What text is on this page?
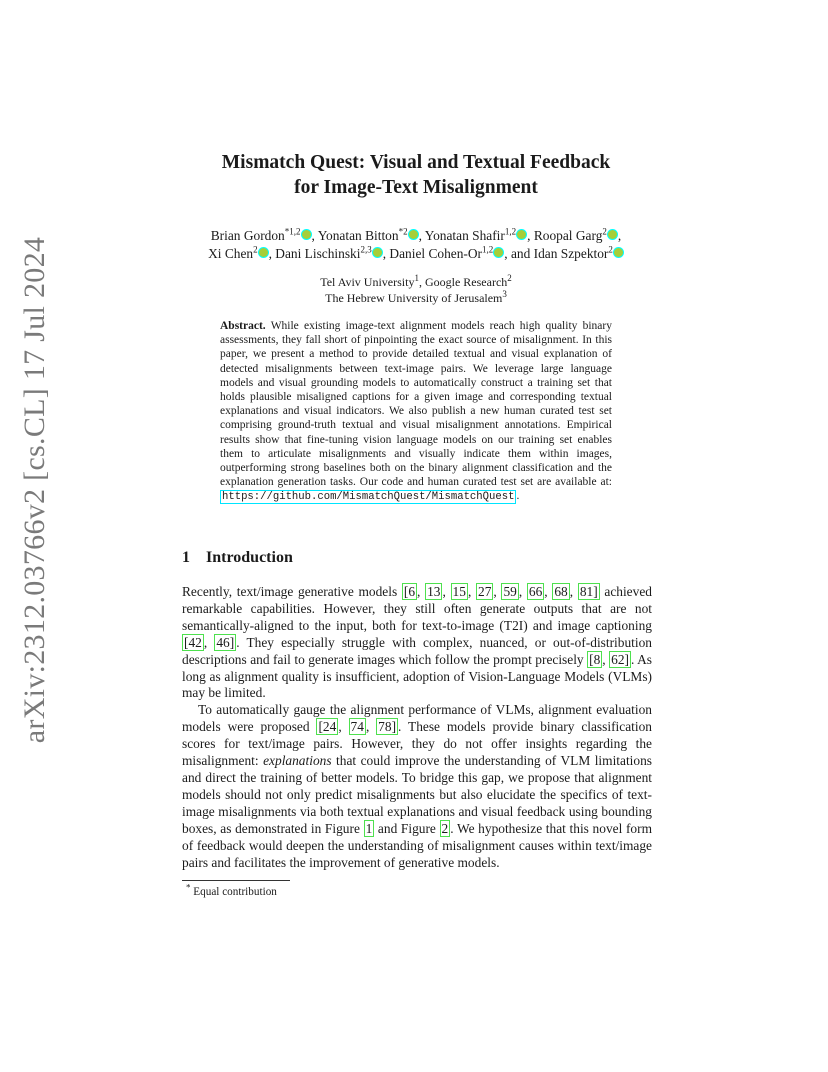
arXiv:2312.03766v2 [cs.CL] 17 Jul 2024
Mismatch Quest: Visual and Textual Feedback
for Image-Text Misalignment
Brian Gordon$^{*1,2}$ , Yonatan Bitton$^{*2}$ , Yonatan Shafir$^{1,2}$ , Roopal Garg$^2$ ,
Xi Chen$^2$ , Dani Lischinski$^{2,3}$ , Daniel Cohen-Or$^{1,2}$ , and Idan Szpektor$^2$
Tel Aviv University$^1$, Google Research$^2$
The Hebrew University of Jerusalem$^3$
Abstract. While existing image-text alignment models reach high quality binary assessments, they fall short of pinpointing the exact source of misalignment. In this paper, we present a method to provide detailed textual and visual explanation of detected misalignments between text-image pairs. We leverage large language models and visual grounding models to automatically construct a training set that holds plausible misaligned captions for a given image and corresponding textual explanations and visual indicators. We also publish a new human curated test set comprising ground-truth textual and visual misalignment annotations. Empirical results show that fine-tuning vision language models on our training set enables them to articulate misalignments and visually indicate them within images, outperforming strong baselines both on the binary alignment classification and the explanation generation tasks. Our code and human curated test set are available at: https://github.com/MismatchQuest/MismatchQuest .
1 Introduction

Recently, text/image generative models [6 , 13 , 15 , 27 , 59 , 66 , 68 , 81] achieved remarkable capabilities. However, they still often generate outputs that are not semantically-aligned to the input, both for text-to-image (T2I) and image captioning [42 , 46] . They especially struggle with complex, nuanced, or out-of-distribution descriptions and fail to generate images which follow the prompt precisely [8 , 62] . As long as alignment quality is insufficient, adoption of Vision-Language Models (VLMs) may be limited.

To automatically gauge the alignment performance of VLMs, alignment evaluation models were proposed [24 , 74 , 78] . These models provide binary classification scores for text/image pairs. However, they do not offer insights regarding the misalignment: explanations that could improve the understanding of VLM limitations and direct the training of better models. To bridge this gap, we propose that alignment models should not only predict misalignments but also elucidate the specifics of text-image misalignments via both textual explanations and visual feedback using bounding boxes, as demonstrated in Figure 1 and Figure 2 . We hypothesize that this novel form of feedback would deepen the understanding of misalignment causes within text/image pairs and facilitates the improvement of generative models.

* Equal contribution
